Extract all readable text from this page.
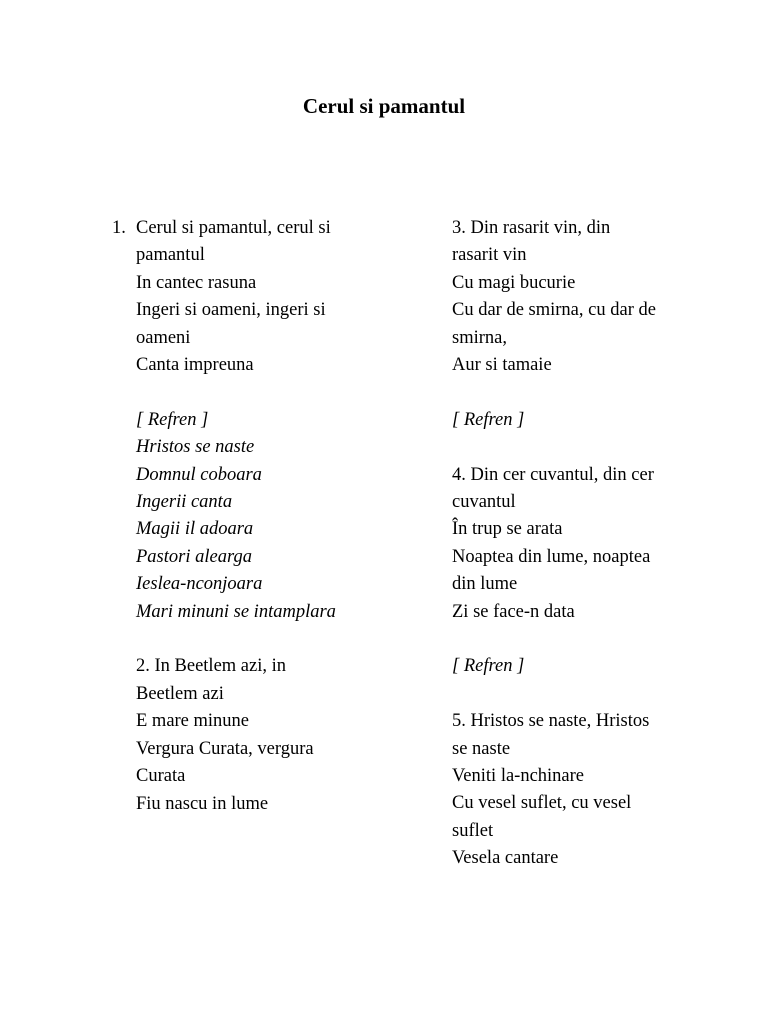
Cerul si pamantul
1. Cerul si pamantul, cerul si
pamantul
In cantec rasuna
Ingeri si oameni, ingeri si
oameni
Canta impreuna
[ Refren ]
Hristos se naste
Domnul coboara
Ingerii canta
Magii il adoara
Pastori alearga
Ieslea-nconjoara
Mari minuni se intamplara
2. In Beetlem azi, in
Beetlem azi
E mare minune
Vergura Curata, vergura
Curata
Fiu nascu in lume
3. Din rasarit vin, din
rasarit vin
Cu magi bucurie
Cu dar de smirna, cu dar de
smirna,
Aur si tamaie
[ Refren ]
4. Din cer cuvantul, din cer
cuvantul
În trup se arata
Noaptea din lume, noaptea
din lume
Zi se face-n data
[ Refren ]
5. Hristos se naste, Hristos
se naste
Veniti la-nchinare
Cu vesel suflet, cu vesel
suflet
Vesela cantare
